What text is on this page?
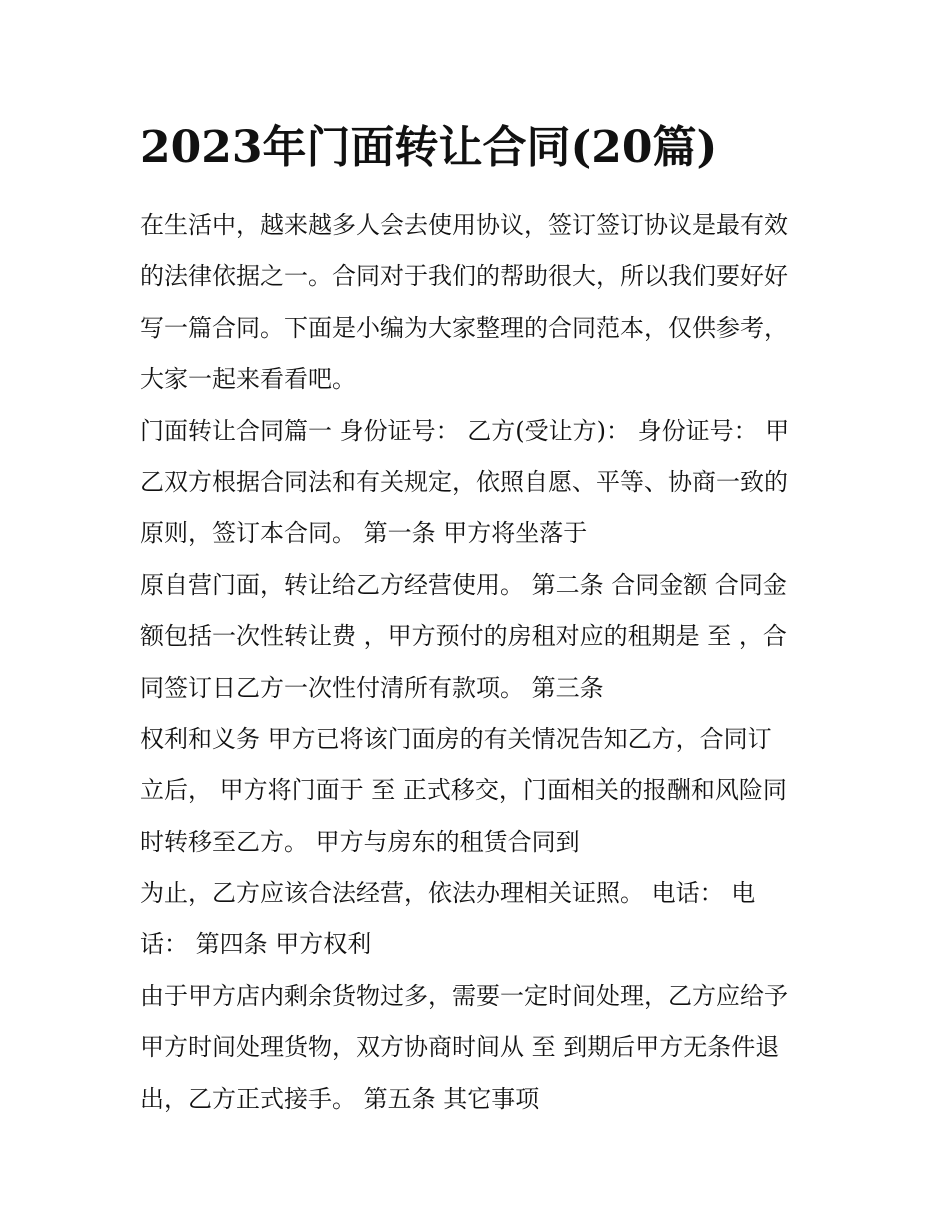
2023年门面转让合同(20篇)
在生活中，越来越多人会去使用协议，签订签订协议是最有效
的法律依据之一。合同对于我们的帮助很大，所以我们要好好
写一篇合同。下面是小编为大家整理的合同范本，仅供参考，
大家一起来看看吧。
门面转让合同篇一 身份证号： 乙方(受让方)： 身份证号： 甲
乙双方根据合同法和有关规定，依照自愿、平等、协商一致的
原则，签订本合同。 第一条 甲方将坐落于
原自营门面，转让给乙方经营使用。 第二条 合同金额 合同金
额包括一次性转让费 ，甲方预付的房租对应的租期是 至 ，合
同签订日乙方一次性付清所有款项。 第三条
权利和义务 甲方已将该门面房的有关情况告知乙方，合同订
立后， 甲方将门面于 至 正式移交，门面相关的报酬和风险同
时转移至乙方。 甲方与房东的租赁合同到
为止，乙方应该合法经营，依法办理相关证照。 电话： 电
话： 第四条 甲方权利
由于甲方店内剩余货物过多，需要一定时间处理，乙方应给予
甲方时间处理货物，双方协商时间从 至 到期后甲方无条件退
出，乙方正式接手。 第五条 其它事项
